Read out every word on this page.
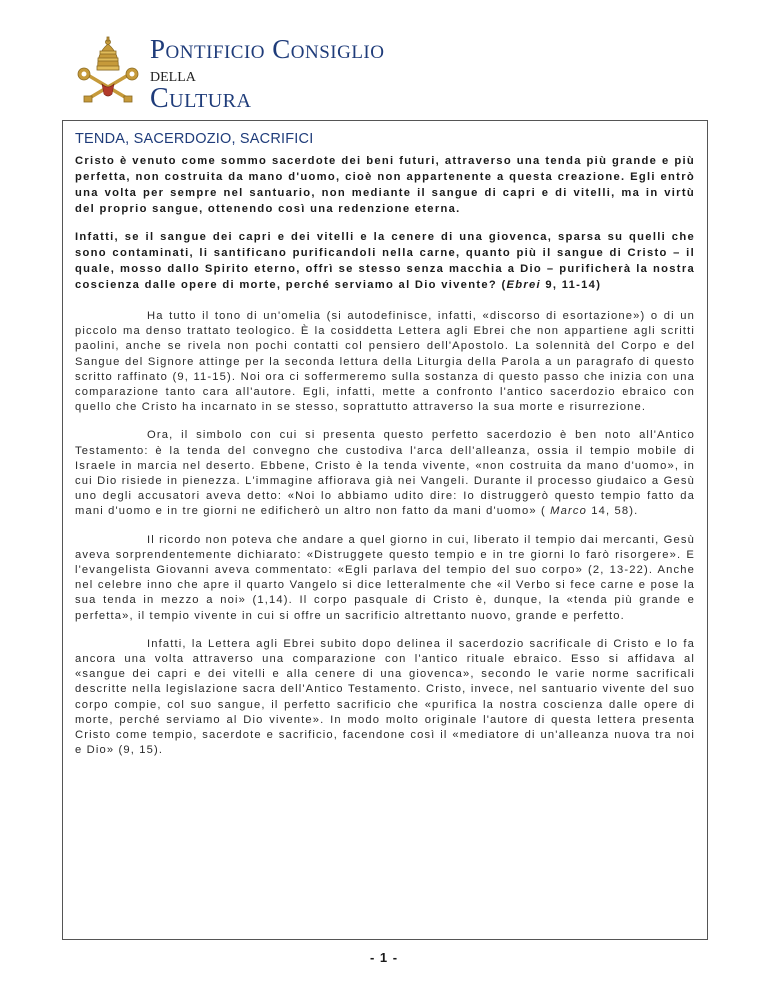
Pontificio Consiglio
della
Cultura
TENDA, SACERDOZIO, SACRIFICI

Cristo è venuto come sommo sacerdote dei beni futuri, attraverso una tenda più grande e più perfetta, non costruita da mano d'uomo, cioè non appartenente a questa creazione. Egli entrò una volta per sempre nel santuario, non mediante il sangue di capri e di vitelli, ma in virtù del proprio sangue, ottenendo così una redenzione eterna.

Infatti, se il sangue dei capri e dei vitelli e la cenere di una giovenca, sparsa su quelli che sono contaminati, li santificano purificandoli nella carne, quanto più il sangue di Cristo – il quale, mosso dallo Spirito eterno, offrì se stesso senza macchia a Dio – purificherà la nostra coscienza dalle opere di morte, perché serviamo al Dio vivente? (Ebrei 9, 11-14)

Ha tutto il tono di un'omelia (si autodefinisce, infatti, «discorso di esortazione») o di un piccolo ma denso trattato teologico. È la cosiddetta Lettera agli Ebrei che non appartiene agli scritti paolini, anche se rivela non pochi contatti col pensiero dell'Apostolo. La solennità del Corpo e del Sangue del Signore attinge per la seconda lettura della Liturgia della Parola a un paragrafo di questo scritto raffinato (9, 11-15). Noi ora ci soffermeremo sulla sostanza di questo passo che inizia con una comparazione tanto cara all'autore. Egli, infatti, mette a confronto l'antico sacerdozio ebraico con quello che Cristo ha incarnato in se stesso, soprattutto attraverso la sua morte e risurrezione.

Ora, il simbolo con cui si presenta questo perfetto sacerdozio è ben noto all'Antico Testamento: è la tenda del convegno che custodiva l'arca dell'alleanza, ossia il tempio mobile di Israele in marcia nel deserto. Ebbene, Cristo è la tenda vivente, «non costruita da mano d'uomo», in cui Dio risiede in pienezza. L'immagine affiorava già nei Vangeli. Durante il processo giudaico a Gesù uno degli accusatori aveva detto: «Noi lo abbiamo udito dire: Io distruggerò questo tempio fatto da mani d'uomo e in tre giorni ne edificherò un altro non fatto da mani d'uomo» ( Marco 14, 58).

Il ricordo non poteva che andare a quel giorno in cui, liberato il tempio dai mercanti, Gesù aveva sorprendentemente dichiarato: «Distruggete questo tempio e in tre giorni lo farò risorgere». E l'evangelista Giovanni aveva commentato: «Egli parlava del tempio del suo corpo» (2, 13-22). Anche nel celebre inno che apre il quarto Vangelo si dice letteralmente che «il Verbo si fece carne e pose la sua tenda in mezzo a noi» (1,14). Il corpo pasquale di Cristo è, dunque, la «tenda più grande e perfetta», il tempio vivente in cui si offre un sacrificio altrettanto nuovo, grande e perfetto.

Infatti, la Lettera agli Ebrei subito dopo delinea il sacerdozio sacrificale di Cristo e lo fa ancora una volta attraverso una comparazione con l'antico rituale ebraico. Esso si affidava al «sangue dei capri e dei vitelli e alla cenere di una giovenca», secondo le varie norme sacrificali descritte nella legislazione sacra dell'Antico Testamento. Cristo, invece, nel santuario vivente del suo corpo compie, col suo sangue, il perfetto sacrificio che «purifica la nostra coscienza dalle opere di morte, perché serviamo al Dio vivente». In modo molto originale l'autore di questa lettera presenta Cristo come tempio, sacerdote e sacrificio, facendone così il «mediatore di un'alleanza nuova tra noi e Dio» (9, 15).

- 1 -
